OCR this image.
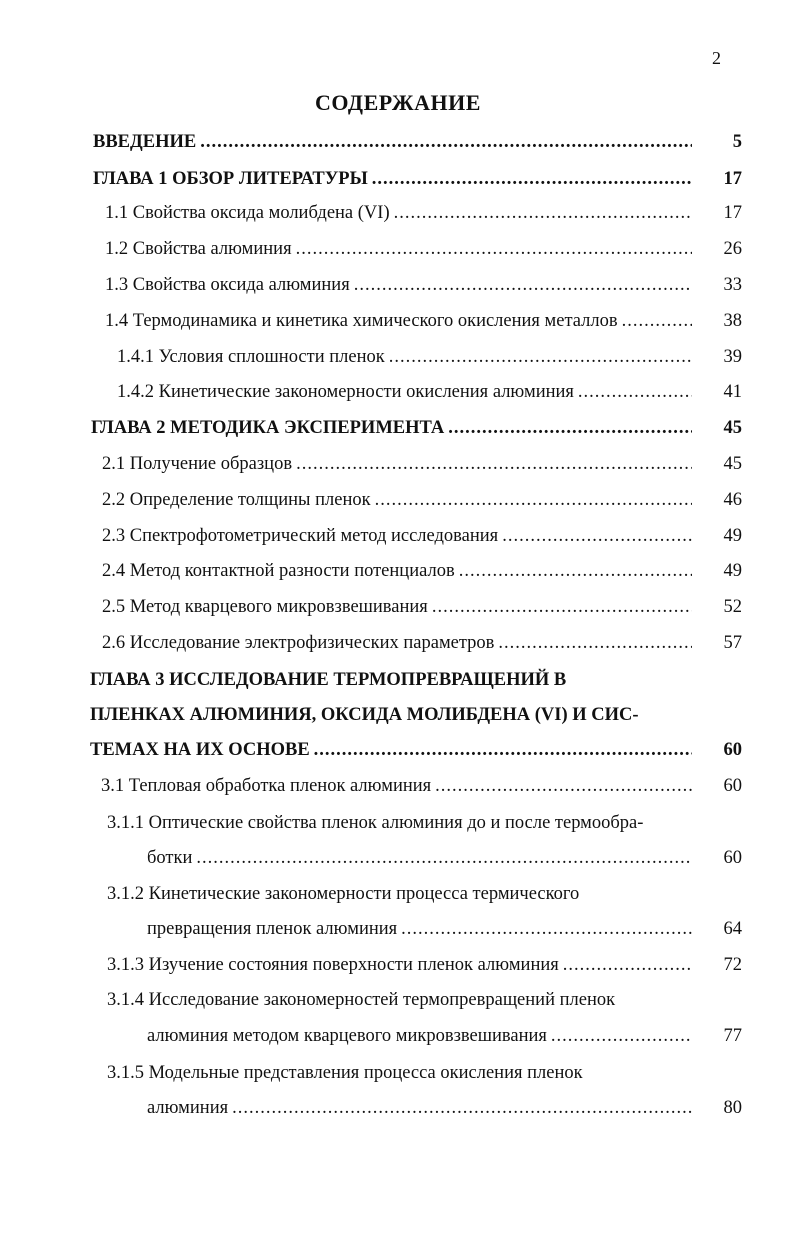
2
СОДЕРЖАНИЕ
ВВЕДЕНИЕ .....	5
ГЛАВА 1 ОБЗОР ЛИТЕРАТУРЫ .....	17
1.1 Свойства оксида молибдена (VI) .....	17
1.2 Свойства алюминия .....	26
1.3 Свойства оксида алюминия .....	33
1.4 Термодинамика и кинетика химического окисления металлов .....	38
1.4.1 Условия сплошности пленок .....	39
1.4.2 Кинетические закономерности окисления алюминия .....	41
ГЛАВА 2 МЕТОДИКА ЭКСПЕРИМЕНТА .....	45
2.1 Получение образцов .....	45
2.2 Определение толщины пленок .....	46
2.3 Спектрофотометрический метод исследования .....	49
2.4 Метод контактной разности потенциалов .....	49
2.5 Метод кварцевого микровзвешивания .....	52
2.6 Исследование электрофизических параметров .....	57
ГЛАВА 3 ИССЛЕДОВАНИЕ ТЕРМОПРЕВРАЩЕНИЙ В
ПЛЕНКАХ АЛЮМИНИЯ, ОКСИДА МОЛИБДЕНА (VI) И СИС-
ТЕМАХ НА ИХ ОСНОВЕ .....	60
3.1 Тепловая обработка пленок алюминия .....	60
3.1.1 Оптические свойства пленок алюминия до и после термообра-
ботки .....	60
3.1.2 Кинетические закономерности процесса термического
превращения пленок алюминия .....	64
3.1.3 Изучение состояния поверхности пленок алюминия .....	72
3.1.4 Исследование закономерностей термопревращений пленок
алюминия методом кварцевого микровзвешивания .....	77
3.1.5 Модельные представления процесса окисления пленок
алюминия .....	80
